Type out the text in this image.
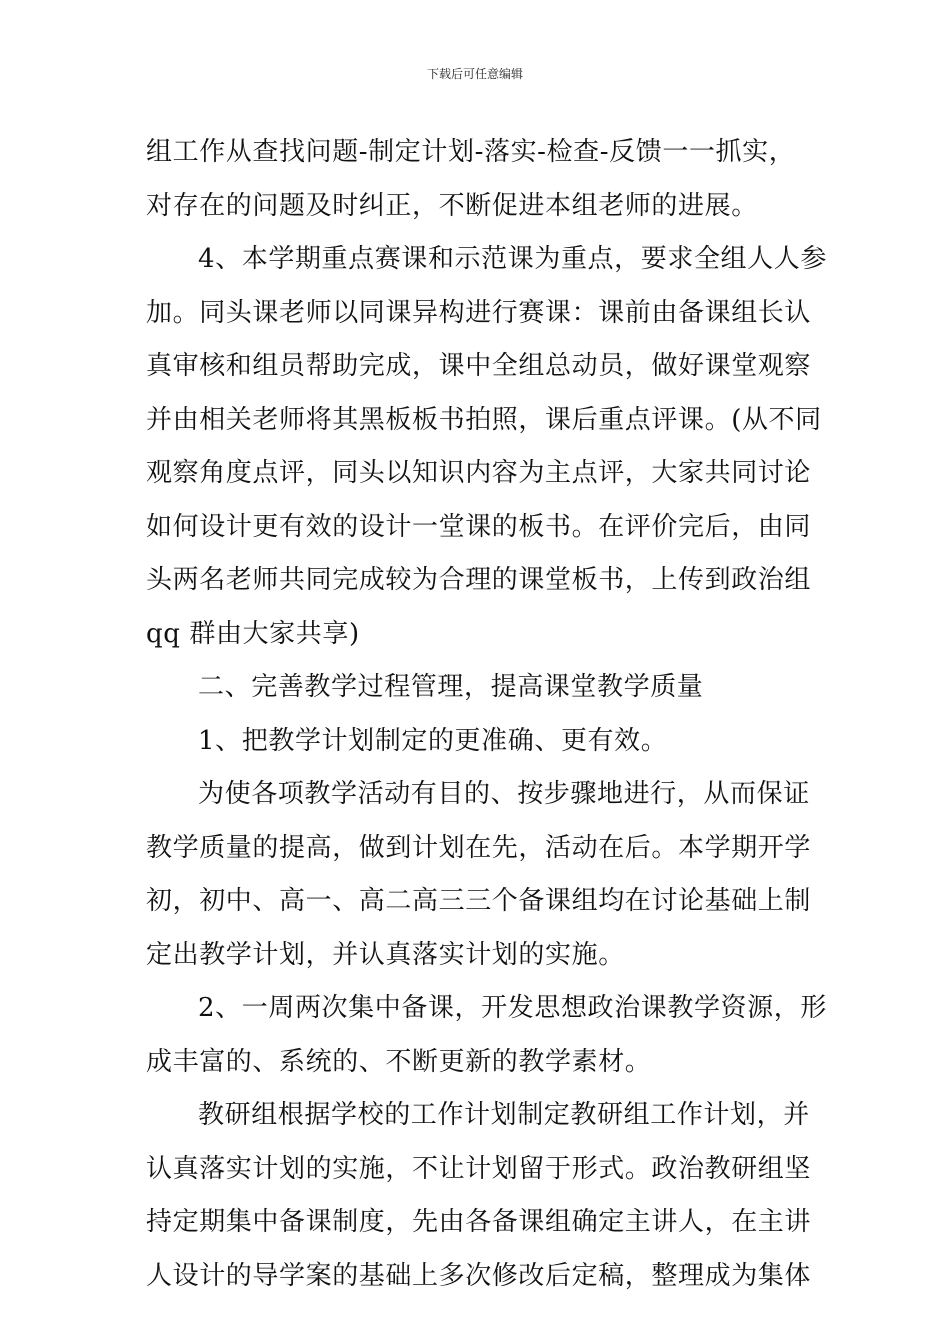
下载后可任意编辑
组工作从查找问题-制定计划-落实-检查-反馈一一抓实，
对存在的问题及时纠正，不断促进本组老师的进展。
4、本学期重点赛课和示范课为重点，要求全组人人参
加。同头课老师以同课异构进行赛课：课前由备课组长认
真审核和组员帮助完成，课中全组总动员，做好课堂观察
并由相关老师将其黑板板书拍照，课后重点评课。(从不同
观察角度点评，同头以知识内容为主点评，大家共同讨论
如何设计更有效的设计一堂课的板书。在评价完后，由同
头两名老师共同完成较为合理的课堂板书，上传到政治组
qq 群由大家共享)
二、完善教学过程管理，提高课堂教学质量
1、把教学计划制定的更准确、更有效。
为使各项教学活动有目的、按步骤地进行，从而保证
教学质量的提高，做到计划在先，活动在后。本学期开学
初，初中、高一、高二高三三个备课组均在讨论基础上制
定出教学计划，并认真落实计划的实施。
2、一周两次集中备课，开发思想政治课教学资源，形
成丰富的、系统的、不断更新的教学素材。
教研组根据学校的工作计划制定教研组工作计划，并
认真落实计划的实施，不让计划留于形式。政治教研组坚
持定期集中备课制度，先由各备课组确定主讲人，在主讲
人设计的导学案的基础上多次修改后定稿，整理成为集体
